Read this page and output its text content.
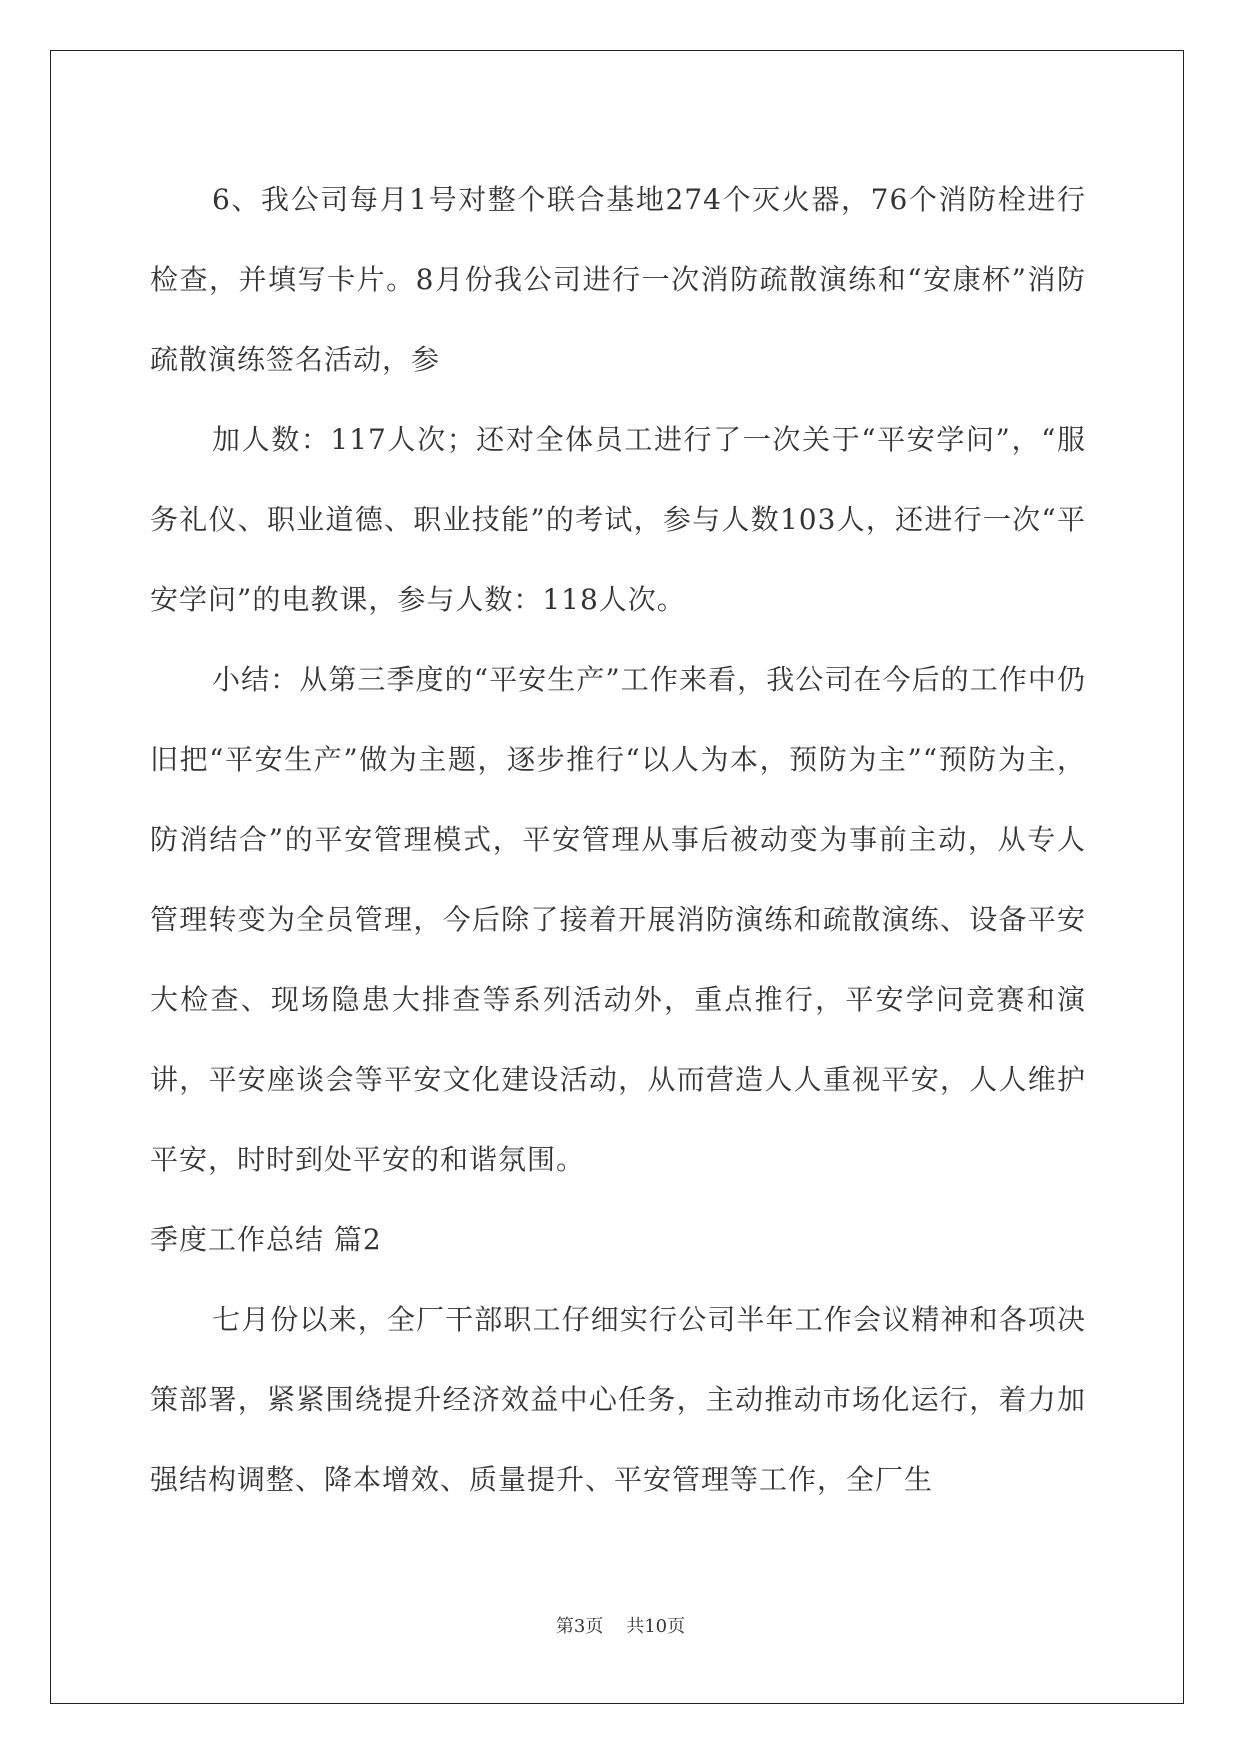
6、我公司每月1号对整个联合基地274个灭火器，76个消防栓进行检查，并填写卡片。8月份我公司进行一次消防疏散演练和“安康杯”消防疏散演练签名活动，参

加人数：117人次；还对全体员工进行了一次关于“平安学问”，“服务礼仪、职业道德、职业技能”的考试，参与人数103人，还进行一次“平安学问”的电教课，参与人数：118人次。

小结：从第三季度的“平安生产”工作来看，我公司在今后的工作中仍旧把“平安生产”做为主题，逐步推行“以人为本，预防为主”“预防为主，防消结合”的平安管理模式，平安管理从事后被动变为事前主动，从专人管理转变为全员管理，今后除了接着开展消防演练和疏散演练、设备平安大检查、现场隐患大排查等系列活动外，重点推行，平安学问竞赛和演讲，平安座谈会等平安文化建设活动，从而营造人人重视平安，人人维护平安，时时到处平安的和谐氛围。

季度工作总结 篇2

七月份以来，全厂干部职工仔细实行公司半年工作会议精神和各项决策部署，紧紧围绕提升经济效益中心任务，主动推动市场化运行，着力加强结构调整、降本增效、质量提升、平安管理等工作，全厂生

第3页 共10页
